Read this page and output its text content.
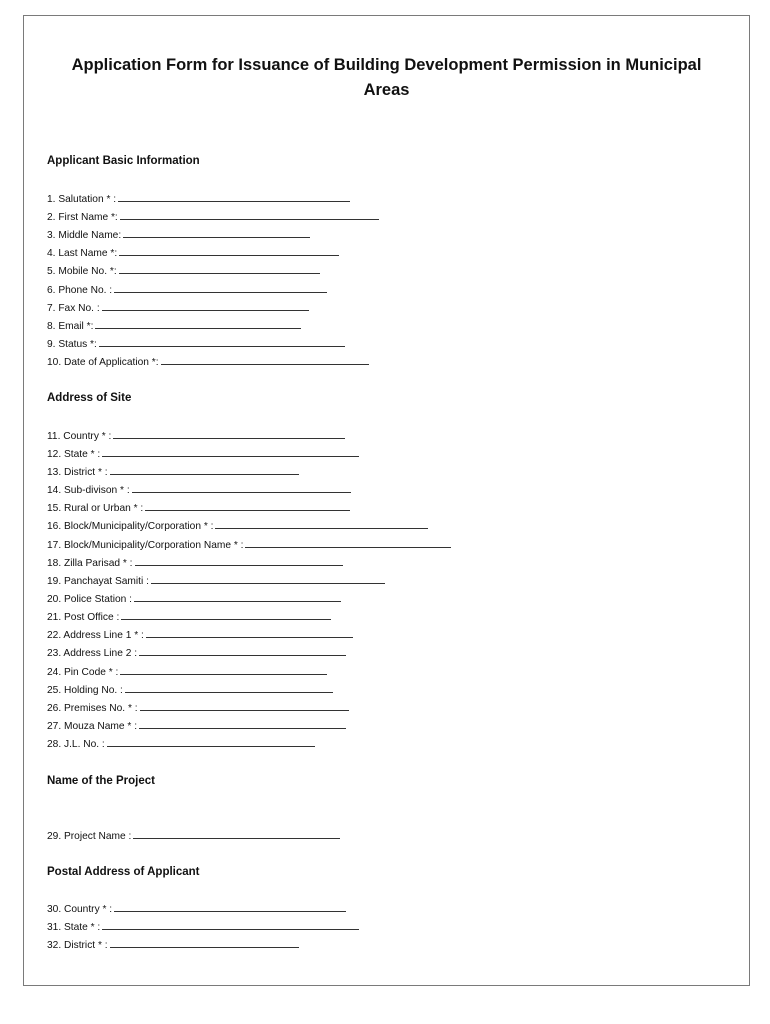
Application Form for Issuance of Building Development Permission in Municipal Areas
Applicant Basic Information
1. Salutation * :
2. First Name *:
3. Middle Name:
4. Last Name *:
5. Mobile No. *:
6. Phone No. :
7. Fax No. :
8. Email *:
9. Status *:
10. Date of Application *:
Address of Site
11. Country * :
12. State * :
13. District * :
14. Sub-divison * :
15. Rural or Urban * :
16. Block/Municipality/Corporation * :
17. Block/Municipality/Corporation Name * :
18. Zilla Parisad * :
19. Panchayat Samiti :
20. Police Station :
21. Post Office :
22. Address Line 1 * :
23. Address Line 2 :
24. Pin Code * :
25. Holding No. :
26. Premises No. * :
27. Mouza Name * :
28. J.L. No. :
Name of the Project
29. Project Name :
Postal Address of Applicant
30. Country * :
31. State * :
32. District * :
